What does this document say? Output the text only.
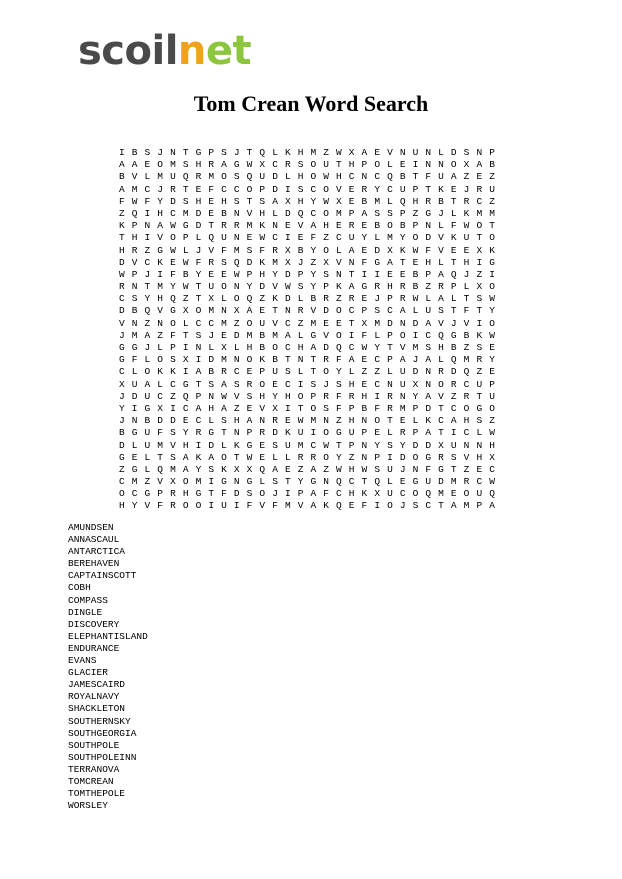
scoilnet
Tom Crean Word Search
I B S J N T G P S J T Q L K H M Z W X A E V N U N L D S N P
A A E O M S H R A G W X C R S O U T H P O L E I N N O X A B
B V L M U Q R M O S Q U D L H O W H C N C Q B T F U A Z E Z
A M C J R T E F C C O P D I S C O V E R Y C U P T K E J R U
F W F Y D S H E H S T S A X H Y W X E B M L Q H R B T R C Z
Z Q I H C M D E B N V H L D Q C O M P A S S P Z G J L K M M
K P N A W G D T R R M K N E V A H E R E B O B P N L F W O T
T H I V O P L Q U N E W C I E F Z C U Y L M Y O D V K U T O
H R Z G W L J V F M S F R X B Y O L A E D X K W F V E E X K
D V C K E W F R S Q D K M X J Z X V N F G A T E H L T H I G
W P J I F B Y E E W P H Y D P Y S N T I I E E B P A Q J Z I
R N T M Y W T U O N Y D V W S Y P K A G R H R B Z R P L X O
C S Y H Q Z T X L O Q Z K D L B R Z R E J P R W L A L T S W
D B Q V G X O M N X A E T N R V D O C P S C A L U S T F T Y
V N Z N O L C C M Z O U V C Z M E E T X M D N D A V J V I O
J M A Z F T S J E D M B M A L G V O I F L P O I C Q G B K W
G G J L P I N L X L H B O C H A D Q C W Y T V M S H B Z S E
G F L O S X I D M N O K B T N T R F A E C P A J A L Q M R Y
C L O K K I A B R C E P U S L T O Y L Z Z L U D N R D Q Z E
X U A L C G T S A S R O E C I S J S H E C N U X N O R C U P
J D U C Z Q P N W V S H Y H O P R F R H I R N Y A V Z R T U
Y I G X I C A H A Z E V X I T O S F P B F R M P D T C O G O
J N B D D E C L S H A N R E W M N Z H N O T E L K C A H S Z
B G U F S Y R G T N P R D K U I O G U P E L R P A T I C L W
D L U M V H I D L K G E S U M C W T P N Y S Y D D X U N N H
G E L T S A K A O T W E L L R R O Y Z N P I D O G R S V H X
Z G L Q M A Y S K X X Q A E Z A Z W H W S U J N F G T Z E C
C M Z V X O M I G N G L S T Y G N Q C T Q L E G U D M R C W
O C G P R H G T F D S O J I P A F C H K X U C O Q M E O U Q
H Y V F R O O I U I F V F M V A K Q E F I O J S C T A M P A
AMUNDSEN
ANNASCAUL
ANTARCTICA
BEREHAVEN
CAPTAINSCOTT
COBH
COMPASS
DINGLE
DISCOVERY
ELEPHANTISLAND
ENDURANCE
EVANS
GLACIER
JAMESCAIRD
ROYALNAVY
SHACKLETON
SOUTHERNSKY
SOUTHGEORGIA
SOUTHPOLE
SOUTHPOLEINN
TERRANOVA
TOMCREAN
TOMTHEPOLE
WORSLEY
